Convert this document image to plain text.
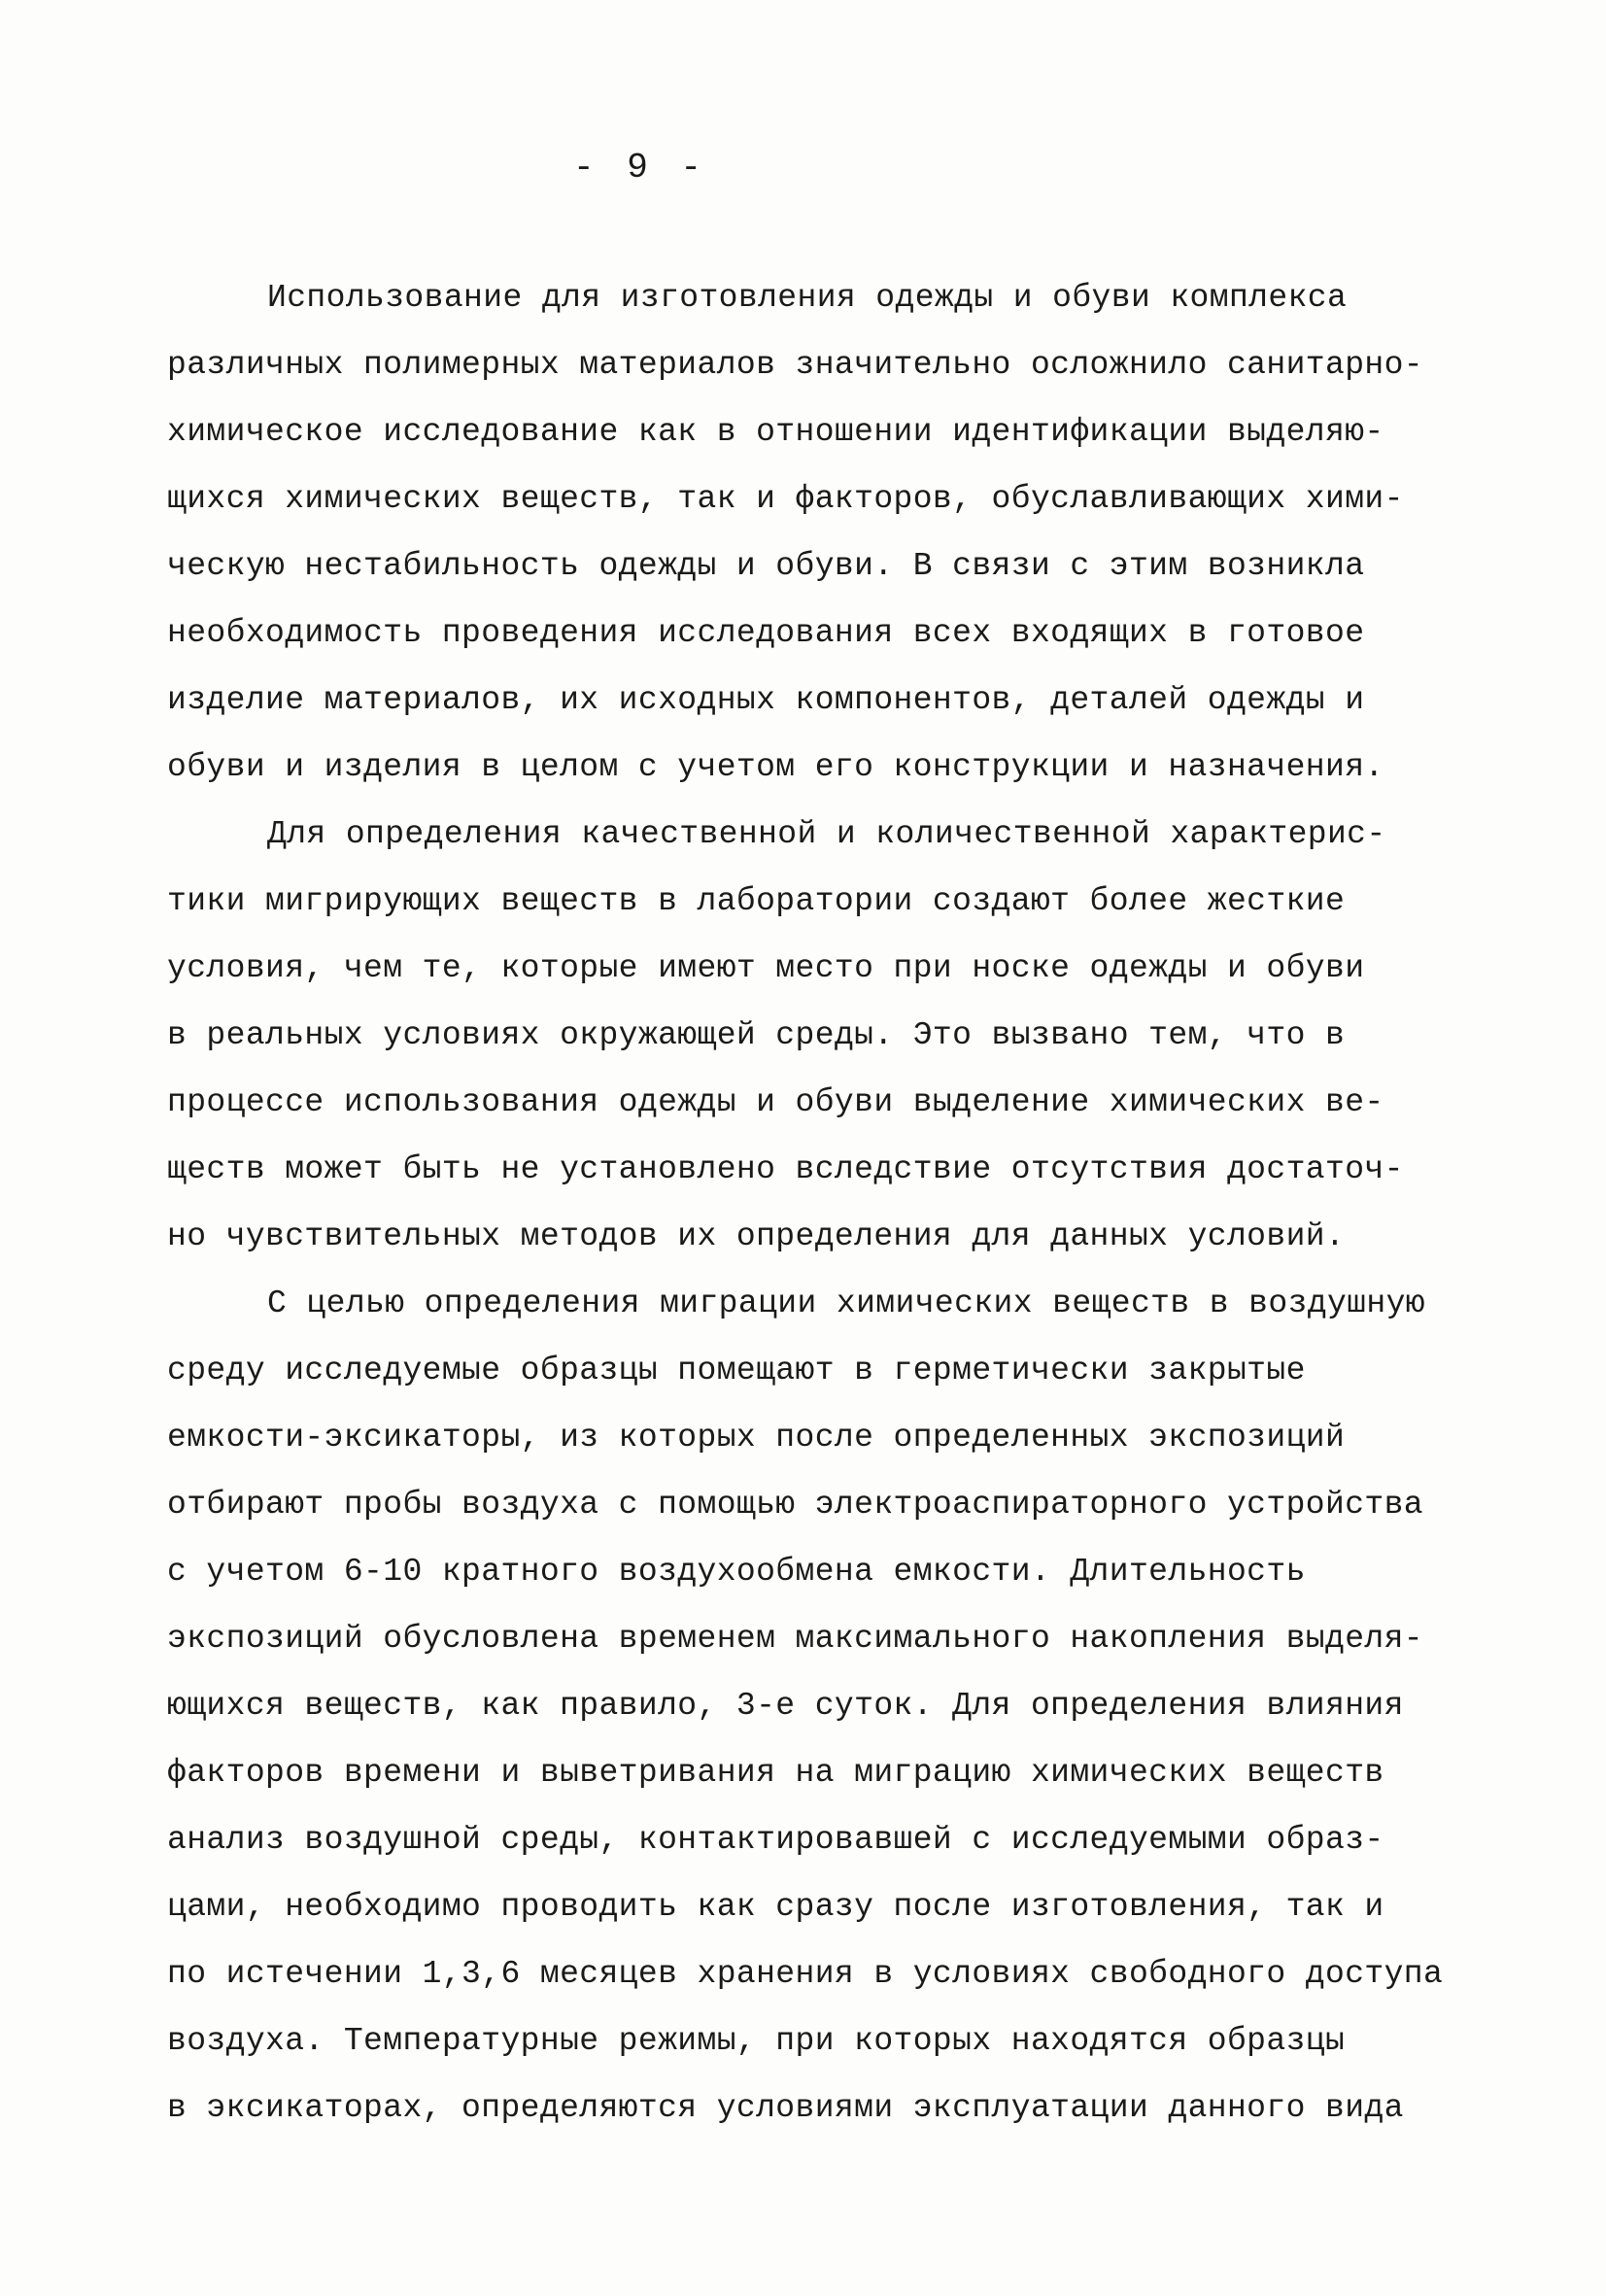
- 9 -
Использование для изготовления одежды и обуви комплекса
различных полимерных материалов значительно осложнило санитарно-
химическое исследование как в отношении идентификации выделяю-
щихся химических веществ, так и факторов, обуславливающих хими-
ческую нестабильность одежды и обуви. В связи с этим возникла
необходимость проведения исследования всех входящих в готовое
изделие материалов, их исходных компонентов, деталей одежды и
обуви и изделия в целом с учетом его конструкции и назначения.
Для определения качественной и количественной характерис-
тики мигрирующих веществ в лаборатории создают более жесткие
условия, чем те, которые имеют место при носке одежды и обуви
в реальных условиях окружающей среды. Это вызвано тем, что в
процессе использования одежды и обуви выделение химических ве-
ществ может быть не установлено вследствие отсутствия достаточ-
но чувствительных методов их определения для данных условий.
С целью определения миграции химических веществ в воздушную
среду исследуемые образцы помещают в герметически закрытые
емкости-эксикаторы, из которых после определенных экспозиций
отбирают пробы воздуха с помощью электроаспираторного устройства
с учетом 6-10 кратного воздухообмена емкости. Длительность
экспозиций обусловлена временем максимального накопления выделя-
ющихся веществ, как правило, 3-е суток. Для определения влияния
факторов времени и выветривания на миграцию химических веществ
анализ воздушной среды, контактировавшей с исследуемыми образ-
цами, необходимо проводить как сразу после изготовления, так и
по истечении 1,3,6 месяцев хранения в условиях свободного доступа
воздуха. Температурные режимы, при которых находятся образцы
в эксикаторах, определяются условиями эксплуатации данного вида
